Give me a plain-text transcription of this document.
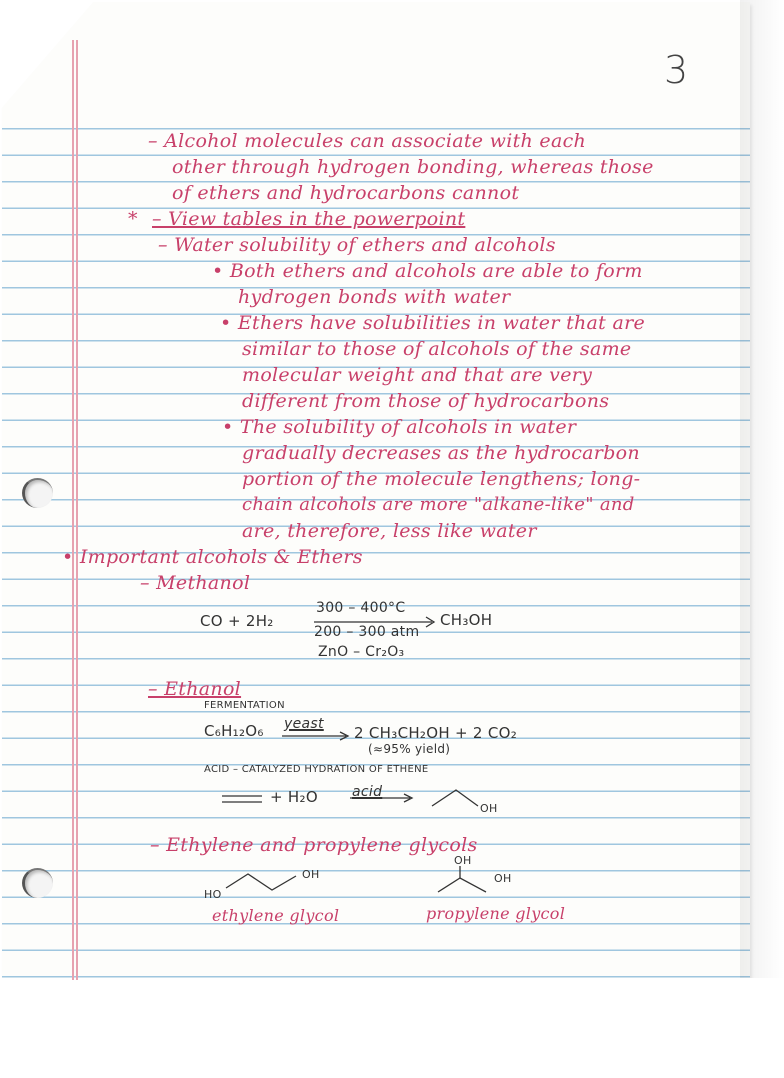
3
– Alcohol molecules can associate with each
other through hydrogen bonding, whereas those
of ethers and hydrocarbons cannot
* – View tables in the powerpoint
– Water solubility of ethers and alcohols
• Both ethers and alcohols are able to form
hydrogen bonds with water
• Ethers have solubilities in water that are
similar to those of alcohols of the same
molecular weight and that are very
different from those of hydrocarbons
• The solubility of alcohols in water
gradually decreases as the hydrocarbon
portion of the molecule lengthens; long-
chain alcohols are more "alkane-like" and
are, therefore, less like water
• Important alcohols & Ethers
– Methanol
CO + 2H₂
300 – 400°C
200 – 300 atm
ZnO – Cr₂O₃
CH₃OH
– Ethanol
FERMENTATION
C₆H₁₂O₆ yeast 2 CH₃CH₂OH + 2 CO₂
(≈95% yield)
ACID – CATALYZED HYDRATION OF ETHENE
+ H₂O acid
OH
– Ethylene and propylene glycols
HO
OH
ethylene glycol
OH
OH
propylene glycol
